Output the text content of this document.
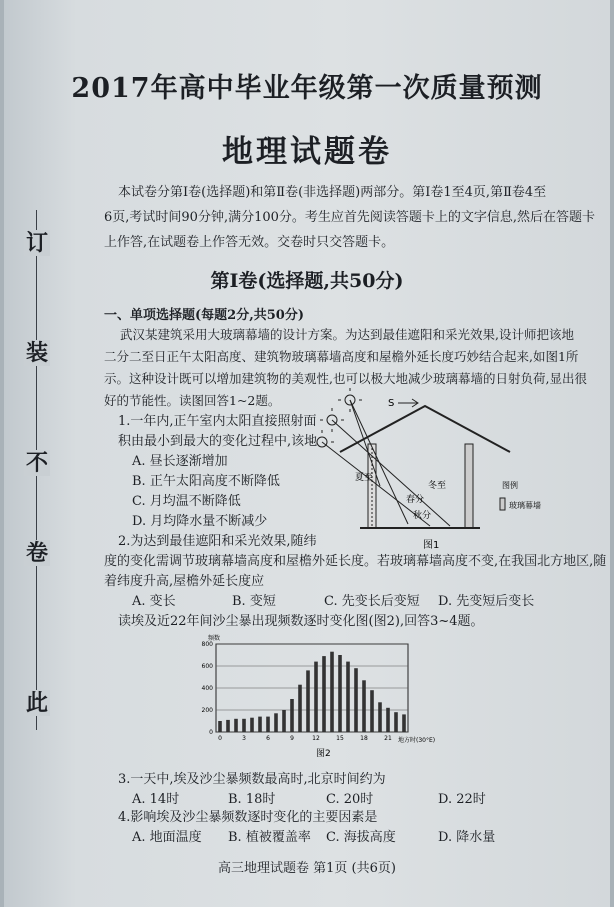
此
卷
不
装
订
2017年高中毕业年级第一次质量预测
地理试题卷
本试卷分第Ⅰ卷(选择题)和第Ⅱ卷(非选择题)两部分。第Ⅰ卷1至4页,第Ⅱ卷4至
6页,考试时间90分钟,满分100分。考生应首先阅读答题卡上的文字信息,然后在答题卡
上作答,在试题卷上作答无效。交卷时只交答题卡。
第Ⅰ卷(选择题,共50分)
一、单项选择题(每题2分,共50分)
武汉某建筑采用大玻璃幕墙的设计方案。为达到最佳遮阳和采光效果,设计师把该地
二分二至日正午太阳高度、建筑物玻璃幕墙高度和屋檐外延长度巧妙结合起来,如图1所
示。这种设计既可以增加建筑物的美观性,也可以极大地减少玻璃幕墙的日射负荷,显出很
好的节能性。读图回答1~2题。
1.一年内,正午室内太阳直接照射面
积由最小到最大的变化过程中,该地
A. 昼长逐渐增加
B. 正午太阳高度不断降低
C. 月均温不断降低
D. 月均降水量不断减少
2.为达到最佳遮阳和采光效果,随纬
度的变化需调节玻璃幕墙高度和屋檐外延长度。若玻璃幕墙高度不变,在我国北方地区,随
着纬度升高,屋檐外延长度应
A. 变长	B. 变短	C. 先变长后变短 D. 先变短后变长
S
夏至
冬至
春分
秋分
图例
玻璃幕墙
图1
读埃及近22年间沙尘暴出现频数逐时变化图(图2),回答3~4题。
频数
0
200
400
600
800
0	3	6	9	12	15	18	21 地方时(30°E)
图2
3.一天中,埃及沙尘暴频数最高时,北京时间约为
A. 14时	B. 18时	C. 20时	D. 22时
4.影响埃及沙尘暴频数逐时变化的主要因素是
A. 地面温度 B. 植被覆盖率 C. 海拔高度	D. 降水量
高三地理试题卷 第1页 (共6页)
